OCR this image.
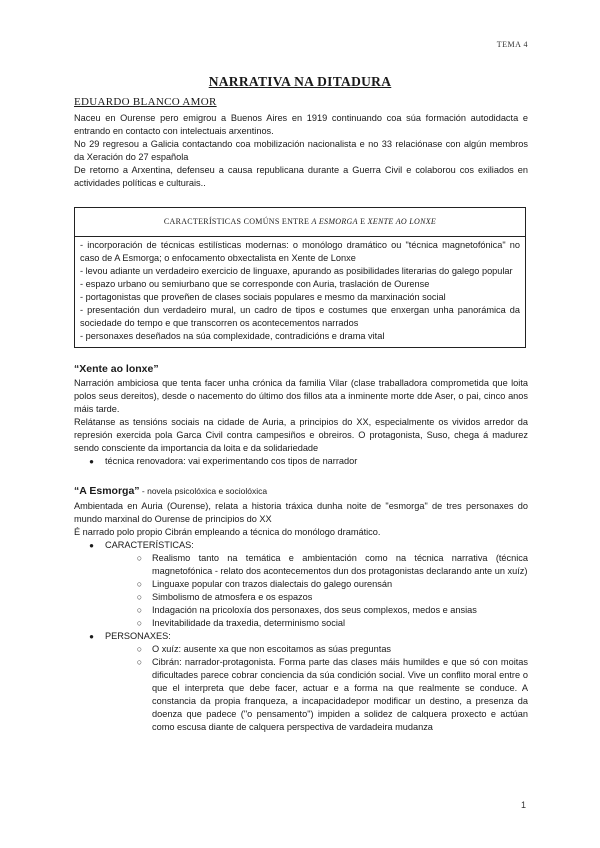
TEMA 4
NARRATIVA NA DITADURA
EDUARDO BLANCO AMOR

Naceu en Ourense pero emigrou a Buenos Aires en 1919 continuando coa súa formación autodidacta e entrando en contacto con intelectuais arxentinos.

No 29 regresou a Galicia contactando coa mobilización nacionalista e no 33 relaciónase con algún membros da Xeración do 27 española

De retorno a Arxentina, defenseu a causa republicana durante a Guerra Civil e colaborou cos exiliados en actividades políticas e culturais..

CARACTERÍSTICAS COMÚNS ENTRE A ESMORGA E XENTE AO LONXE
- incorporación de técnicas estilísticas modernas: o monólogo dramático ou "técnica magnetofónica" no caso de A Esmorga; o enfocamento obxectalista en Xente de Lonxe
- levou adiante un verdadeiro exercicio de linguaxe, apurando as posibilidades literarias do galego popular
- espazo urbano ou semiurbano que se corresponde con Auria, traslación de Ourense
- portagonistas que proveñen de clases sociais populares e mesmo da marxinación social
- presentación dun verdadeiro mural, un cadro de tipos e costumes que enxergan unha panorámica da sociedade do tempo e que transcorren os acontecementos narrados
- personaxes deseñados na súa complexidade, contradicións e drama vital
“Xente ao lonxe”

Narración ambiciosa que tenta facer unha crónica da familia Vilar (clase traballadora comprometida que loita polos seus dereitos), desde o nacemento do último dos fillos ata a inminente morte dde Aser, o pai, cinco anos máis tarde.

Relátanse as tensións sociais na cidade de Auria, a principios do XX, especialmente os vividos arredor da represión exercida pola Garca Civil contra campesiños e obreiros. O protagonista, Suso, chega á madurez sendo consciente da importancia da loita e da solidariedade

● técnica renovadora: vai experimentando cos tipos de narrador
“A Esmorga” - novela psicolóxica e sociolóxica

Ambientada en Auria (Ourense), relata a historia tráxica dunha noite de "esmorga" de tres personaxes do mundo marxinal do Ourense de principios do XX

É narrado polo propio Cibrán empleando a técnica do monólogo dramático.

● CARACTERÍSTICAS:
○ Realismo tanto na temática e ambientación como na técnica narrativa (técnica magnetofónica - relato dos acontecementos dun dos protagonistas declarando ante un xuíz)
○ Linguaxe popular con trazos dialectais do galego ourensán
○ Simbolismo de atmosfera e os espazos
○ Indagación na pricoloxía dos personaxes, dos seus complexos, medos e ansias
○ Inevitabilidade da traxedia, determinismo social
● PERSONAXES:
○ O xuíz: ausente xa que non escoitamos as súas preguntas
○ Cibrán: narrador-protagonista. Forma parte das clases máis humildes e que só con moitas dificultades parece cobrar conciencia da súa condición social. Vive un conflito moral entre o que el interpreta que debe facer, actuar e a forma na que realmente se conduce. A constancia da propia franqueza, a incapacidadepor modificar un destino, a presenza da doenza que padece ("o pensamento") impiden a solidez de calquera proxecto e actúan como escusa diante de calquera perspectiva de vardadeira mudanza
1
